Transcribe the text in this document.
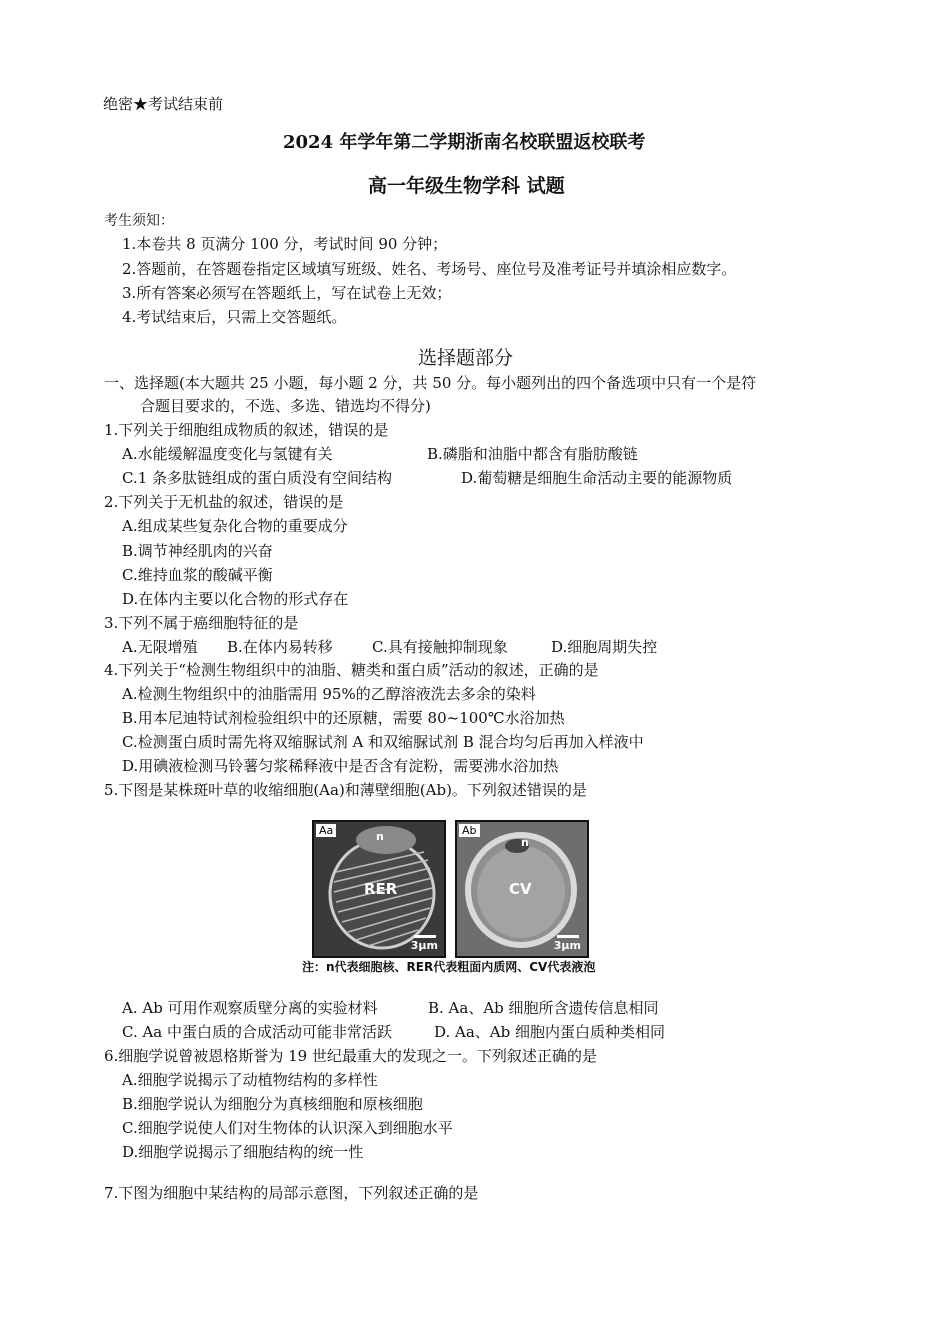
绝密★考试结束前
2024 年学年第二学期浙南名校联盟返校联考
高一年级生物学科 试题
考生须知：
1.本卷共 8 页满分 100 分，考试时间 90 分钟；
2.答题前，在答题卷指定区域填写班级、姓名、考场号、座位号及准考证号并填涂相应数字。
3.所有答案必须写在答题纸上，写在试卷上无效；
4.考试结束后，只需上交答题纸。
选择题部分
一、选择题(本大题共 25 小题，每小题 2 分，共 50 分。每小题列出的四个备选项中只有一个是符
合题目要求的，不选、多选、错选均不得分)
1.下列关于细胞组成物质的叙述，错误的是
A.水能缓解温度变化与氢键有关	B.磷脂和油脂中都含有脂肪酸链
C.1 条多肽链组成的蛋白质没有空间结构	D.葡萄糖是细胞生命活动主要的能源物质
2.下列关于无机盐的叙述，错误的是
A.组成某些复杂化合物的重要成分
B.调节神经肌肉的兴奋
C.维持血浆的酸碱平衡
D.在体内主要以化合物的形式存在
3.下列不属于癌细胞特征的是
A.无限增殖 B.在体内易转移	C.具有接触抑制现象	D.细胞周期失控
4.下列关于“检测生物组织中的油脂、糖类和蛋白质”活动的叙述，正确的是
A.检测生物组织中的油脂需用 95%的乙醇溶液洗去多余的染料
B.用本尼迪特试剂检验组织中的还原糖，需要 80~100℃水浴加热
C.检测蛋白质时需先将双缩脲试剂 A 和双缩脲试剂 B 混合均匀后再加入样液中
D.用碘液检测马铃薯匀浆稀释液中是否含有淀粉，需要沸水浴加热
5.下图是某株斑叶草的收缩细胞(Aa)和薄壁细胞(Ab)。下列叙述错误的是
Aa	n
RER
3μm
Ab
n
CV
3μm
注：n代表细胞核、RER代表粗面内质网、CV代表液泡
A. Ab 可用作观察质壁分离的实验材料	B. Aa、Ab 细胞所含遗传信息相同
C. Aa 中蛋白质的合成活动可能非常活跃	D. Aa、Ab 细胞内蛋白质种类相同
6.细胞学说曾被恩格斯誉为 19 世纪最重大的发现之一。下列叙述正确的是
A.细胞学说揭示了动植物结构的多样性
B.细胞学说认为细胞分为真核细胞和原核细胞
C.细胞学说使人们对生物体的认识深入到细胞水平
D.细胞学说揭示了细胞结构的统一性
7.下图为细胞中某结构的局部示意图，下列叙述正确的是
